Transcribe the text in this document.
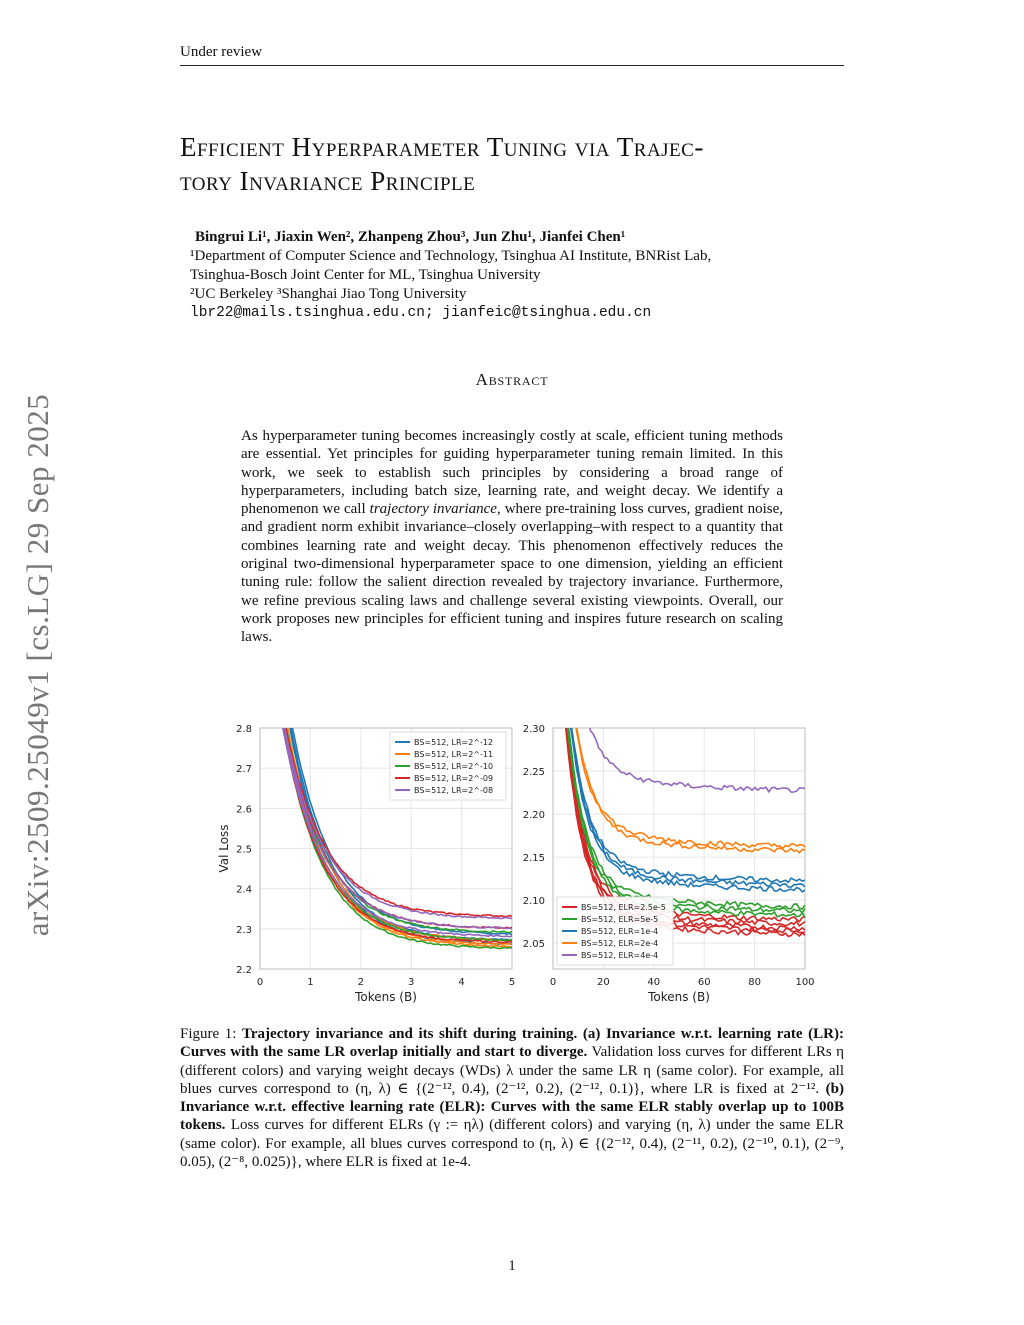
Under review
arXiv:2509.25049v1 [cs.LG] 29 Sep 2025
Efficient Hyperparameter Tuning via Trajec-
tory Invariance Principle
Bingrui Li¹, Jiaxin Wen², Zhanpeng Zhou³, Jun Zhu¹, Jianfei Chen¹
¹Department of Computer Science and Technology, Tsinghua AI Institute, BNRist Lab,
Tsinghua-Bosch Joint Center for ML, Tsinghua University
²UC Berkeley ³Shanghai Jiao Tong University
lbr22@mails.tsinghua.edu.cn; jianfeic@tsinghua.edu.cn
Abstract
As hyperparameter tuning becomes increasingly costly at scale, efficient tuning methods are essential. Yet principles for guiding hyperparameter tuning remain limited. In this work, we seek to establish such principles by considering a broad range of hyperparameters, including batch size, learning rate, and weight decay. We identify a phenomenon we call trajectory invariance, where pre-training loss curves, gradient noise, and gradient norm exhibit invariance–closely overlapping–with respect to a quantity that combines learning rate and weight decay. This phenomenon effectively reduces the original two-dimensional hyperparameter space to one dimension, yielding an efficient tuning rule: follow the salient direction revealed by trajectory invariance. Furthermore, we refine previous scaling laws and challenge several existing viewpoints. Overall, our work proposes new principles for efficient tuning and inspires future research on scaling laws.
0	1	2	3	4	5
2.2
2.3
2.4
2.5
2.6
2.7
2.8
Tokens (B)
Val Loss
BS=512, LR=2^-12
BS=512, LR=2^-11
BS=512, LR=2^-10
BS=512, LR=2^-09
BS=512, LR=2^-08
0	20	40	60	80	100
2.05
2.10
2.15
2.20
2.25
2.30
Tokens (B)
BS=512, ELR=2.5e-5
BS=512, ELR=5e-5
BS=512, ELR=1e-4
BS=512, ELR=2e-4
BS=512, ELR=4e-4
Figure 1: Trajectory invariance and its shift during training. (a) Invariance w.r.t. learning rate (LR): Curves with the same LR overlap initially and start to diverge. Validation loss curves for different LRs η (different colors) and varying weight decays (WDs) λ under the same LR η (same color). For example, all blues curves correspond to (η, λ) ∈ {(2⁻¹², 0.4), (2⁻¹², 0.2), (2⁻¹², 0.1)}, where LR is fixed at 2⁻¹². (b) Invariance w.r.t. effective learning rate (ELR): Curves with the same ELR stably overlap up to 100B tokens. Loss curves for different ELRs (γ := ηλ) (different colors) and varying (η, λ) under the same ELR (same color). For example, all blues curves correspond to (η, λ) ∈ {(2⁻¹², 0.4), (2⁻¹¹, 0.2), (2⁻¹⁰, 0.1), (2⁻⁹, 0.05), (2⁻⁸, 0.025)}, where ELR is fixed at 1e-4.
1
